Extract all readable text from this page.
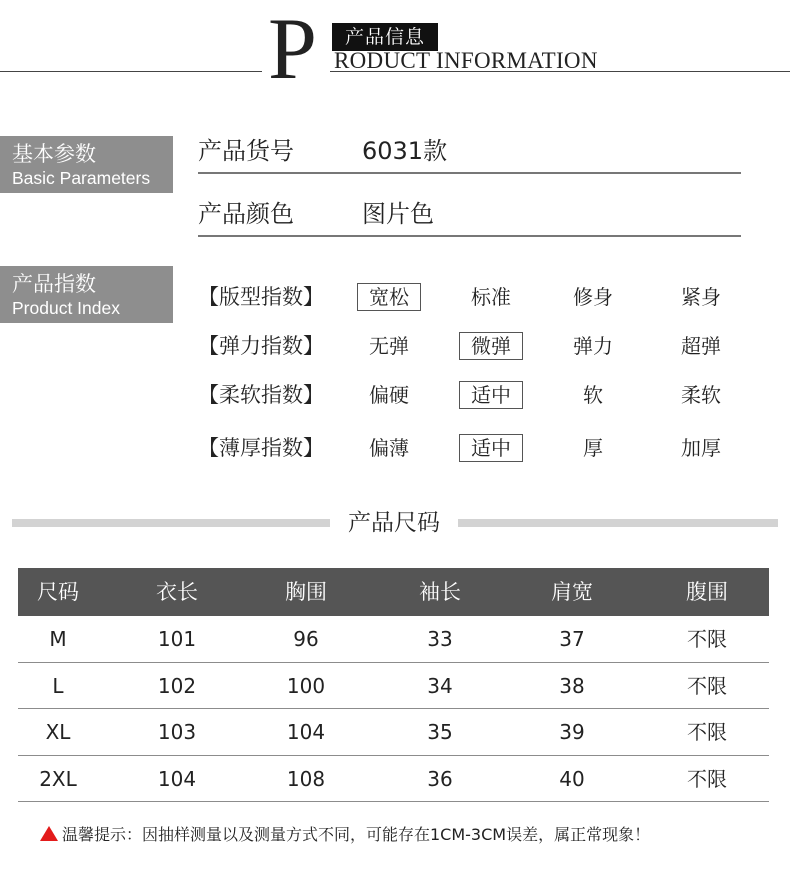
P	产品信息
RODUCT INFORMATION
基本参数
Basic Parameters
产品货号	6031款
产品颜色	图片色
产品指数
Product Index	【版型指数】	宽松	标准	修身	紧身
【弹力指数】	无弹	微弹	弹力	超弹
【柔软指数】	偏硬	适中	软	柔软
【薄厚指数】	偏薄	适中	厚	加厚
产品尺码
尺码	衣长	胸围	袖长	肩宽	腹围
M	101	96	33	37	不限
L	102	100	34	38	不限
XL	103	104	35	39	不限
2XL	104	108	36	40	不限
温馨提示：因抽样测量以及测量方式不同，可能存在1CM-3CM误差，属正常现象！
